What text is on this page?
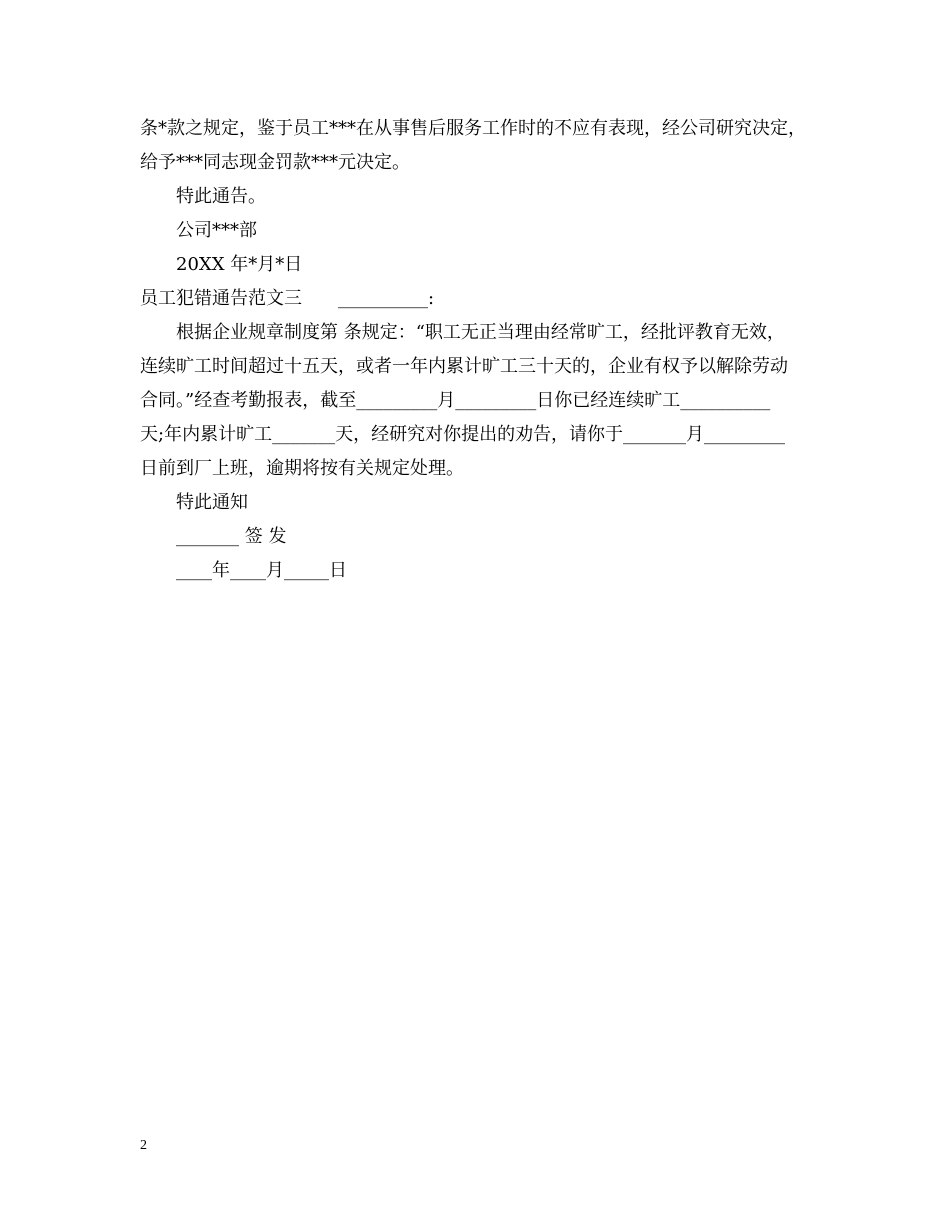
条*款之规定，鉴于员工***在从事售后服务工作时的不应有表现，经公司研究决定，
给予***同志现金罚款***元决定。
特此通告。
公司***部
20XX 年*月*日
员工犯错通告范文三　　__________:
根据企业规章制度第 条规定：“职工无正当理由经常旷工，经批评教育无效，
连续旷工时间超过十五天，或者一年内累计旷工三十天的，企业有权予以解除劳动
合同。”经查考勤报表，截至_________月_________日你已经连续旷工__________
天;年内累计旷工_______天，经研究对你提出的劝告，请你于_______月_________
日前到厂上班，逾期将按有关规定处理。
特此通知
_______ 签 发
____年____月_____日
2
